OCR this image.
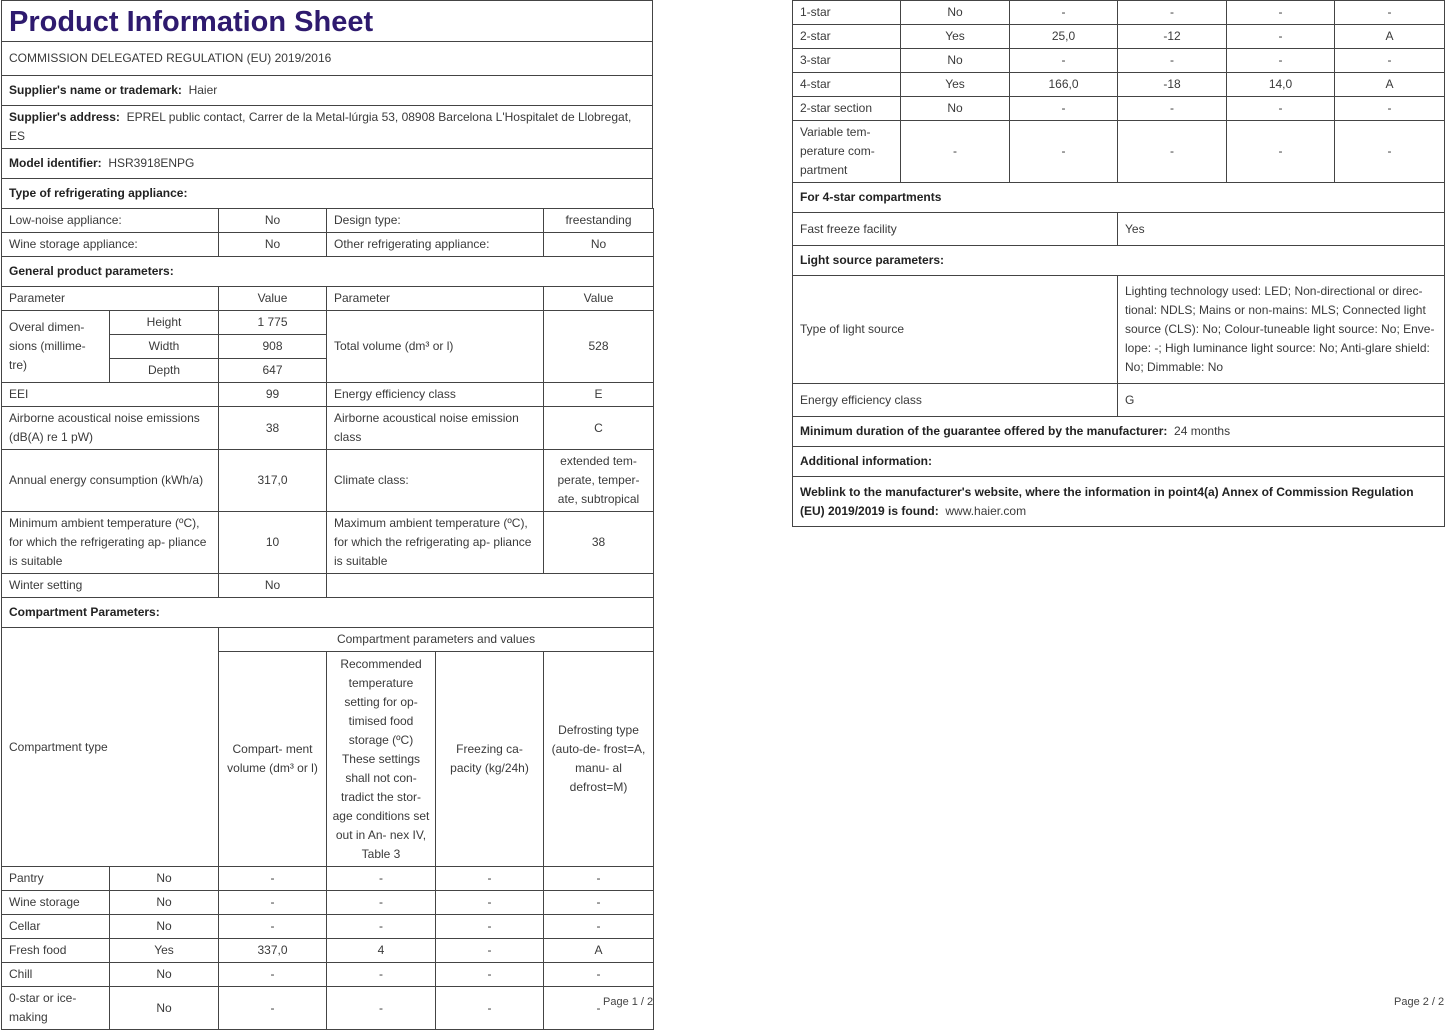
Product Information Sheet
COMMISSION DELEGATED REGULATION (EU) 2019/2016
Supplier's name or trademark: Haier
Supplier's address: EPREL public contact, Carrer de la Metal-lúrgia 53, 08908 Barcelona L'Hospitalet de Llobregat, ES
Model identifier: HSR3918ENPG
Type of refrigerating appliance:
Low-noise appliance:	No	Design type:	freestanding
Wine storage appliance:	No	Other refrigerating appliance:	No
General product parameters:			
Parameter		Value	Parameter	Value
Overal dimen- sions (millime- tre)	Height	1 775	Total volume (dm³ or l)	528
	Width	908		
	Depth	647		
EEI		99	Energy efficiency class	E
Airborne acoustical noise emissions (dB(A) re 1 pW)		38	Airborne acoustical noise emission class	C
Annual energy consumption (kWh/a)		317,0	Climate class:	extended tem- perate, temper- ate, subtropical
Minimum ambient temperature (ºC), for which the refrigerating ap- pliance is suitable		10	Maximum ambient temperature (ºC), for which the refrigerating ap- pliance is suitable	38
Winter setting		No		
Compartment Parameters:				
Compartment type		Compartment parameters and values			
		Compart- ment volume (dm³ or l)	Recommended temperature setting for op- timised food storage (ºC) These settings shall not con- tradict the stor- age conditions set out in An- nex IV, Table 3	Freezing ca- pacity (kg/24h)	Defrosting type (auto-de- frost=A, manu- al defrost=M)
Pantry	No	-	-	-	-
Wine storage	No	-	-	-	-
Cellar	No	-	-	-	-
Fresh food	Yes	337,0	4	-	A
Chill	No	-	-	-	-
0-star or ice- making	No	-	-	-	- Page 1 / 2
1-star	No	-	-	-	-
2-star	Yes	25,0	-12	-	A
3-star	No	-	-	-	-
4-star	Yes	166,0	-18	14,0	A
2-star section	No	-	-	-	-
Variable tem- perature com- partment	-	-	-	-	-
For 4-star compartments	
Fast freeze facility	Yes
Light source parameters:	
Type of light source	Lighting technology used: LED; Non-directional or direc- tional: NDLS; Mains or non-mains: MLS; Connected light source (CLS): No; Colour-tuneable light source: No; Enve- lope: -; High luminance light source: No; Anti-glare shield: No; Dimmable: No
Energy efficiency class	G
Minimum duration of the guarantee offered by the manufacturer: 24 months	
Additional information:	
Weblink to the manufacturer's website, where the information in point4(a) Annex of Commission Regulation (EU) 2019/2019 is found: www.haier.com	
Page 2 / 2
